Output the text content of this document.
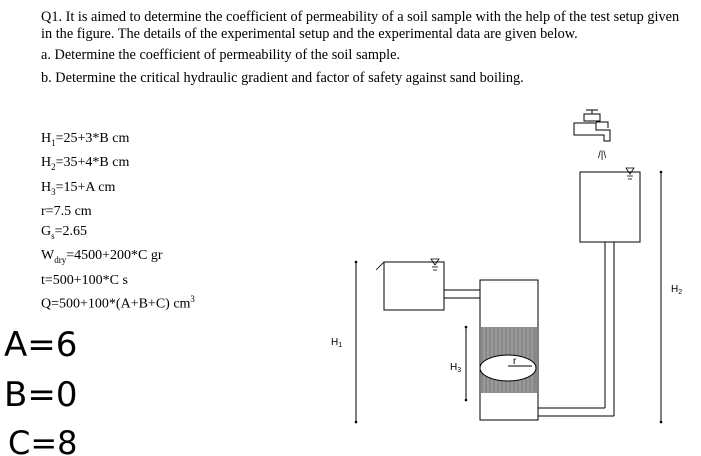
Q1. It is aimed to determine the coefficient of permeability of a soil sample with the help of the test setup given in the figure. The details of the experimental setup and the experimental data are given below.

a. Determine the coefficient of permeability of the soil sample.

b. Determine the critical hydraulic gradient and factor of safety against sand boiling.

$H_1=25+3*B$ cm
$H_2=35+4*B$ cm
$H_3=15+A$ cm
r=7.5 cm
$G_s=2.65$
$W_{dry}=4500+200*C$ gr
t=500+100*C s
Q=500+100*(A+B+C) $cm^3$
A=6
B=0
C=8
/|\
r
$H_1$
$H_2$
$H_3$
